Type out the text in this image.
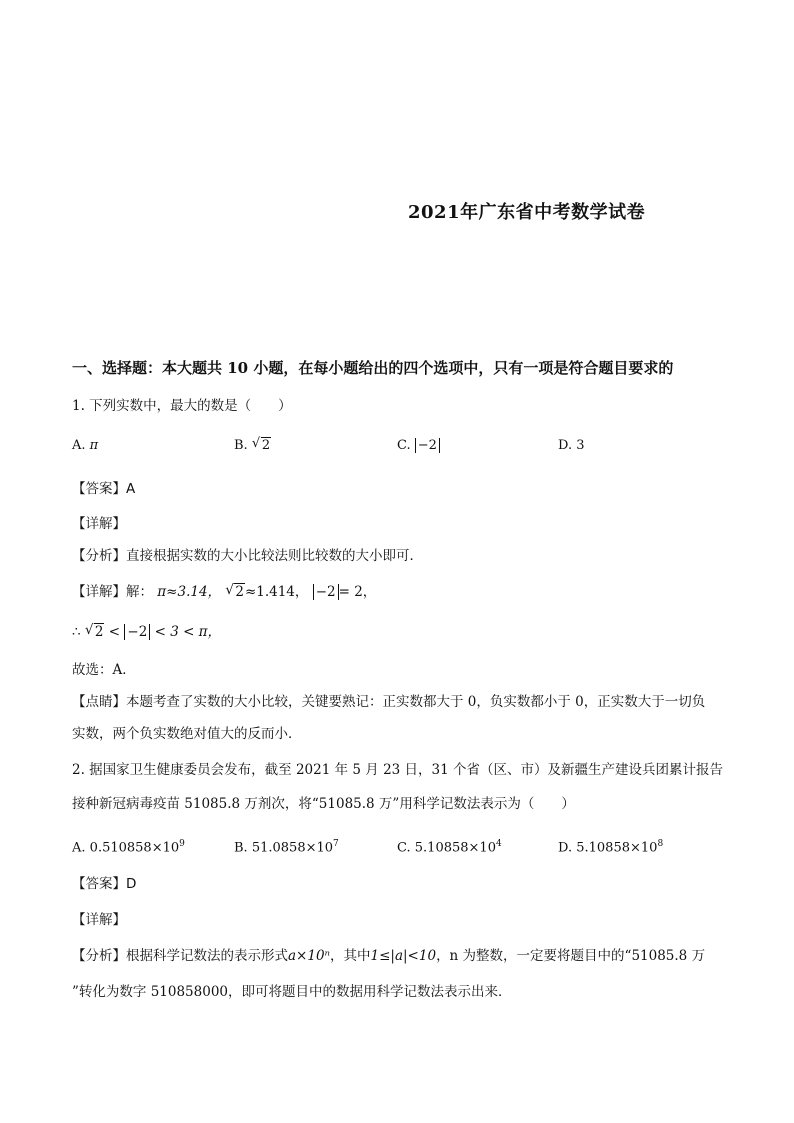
2021年广东省中考数学试卷
一、选择题：本大题共 10 小题，在每小题给出的四个选项中，只有一项是符合题目要求的
1. 下列实数中，最大的数是（　　）
A. π	B. √ 2	C. −2	D. 3
【答案】A
【详解】
【分析】直接根据实数的大小比较法则比较数的大小即可．
【详解】解： π≈3.14， √ 2≈1.414， −2 = 2，
∴ √ 2 < −2 < 3 < π，
故选：A．
【点睛】本题考查了实数的大小比较，关键要熟记：正实数都大于 0，负实数都小于 0，正实数大于一切负
实数，两个负实数绝对值大的反而小．
2. 据国家卫生健康委员会发布，截至 2021 年 5 月 23 日，31 个省（区、市）及新疆生产建设兵团累计报告
接种新冠病毒疫苗 51085.8 万剂次，将“51085.8 万”用科学记数法表示为（　　）
A. $0.510858\times 10^9$	B. $51.0858\times 10^7$	C. $5.10858\times 10^4$	D. $5.10858\times 10^8$
【答案】D
【详解】
【分析】根据科学记数法的表示形式a×10ⁿ，其中1≤|a|<10，n 为整数，一定要将题目中的“51085.8 万
”转化为数字 510858000，即可将题目中的数据用科学记数法表示出来．
